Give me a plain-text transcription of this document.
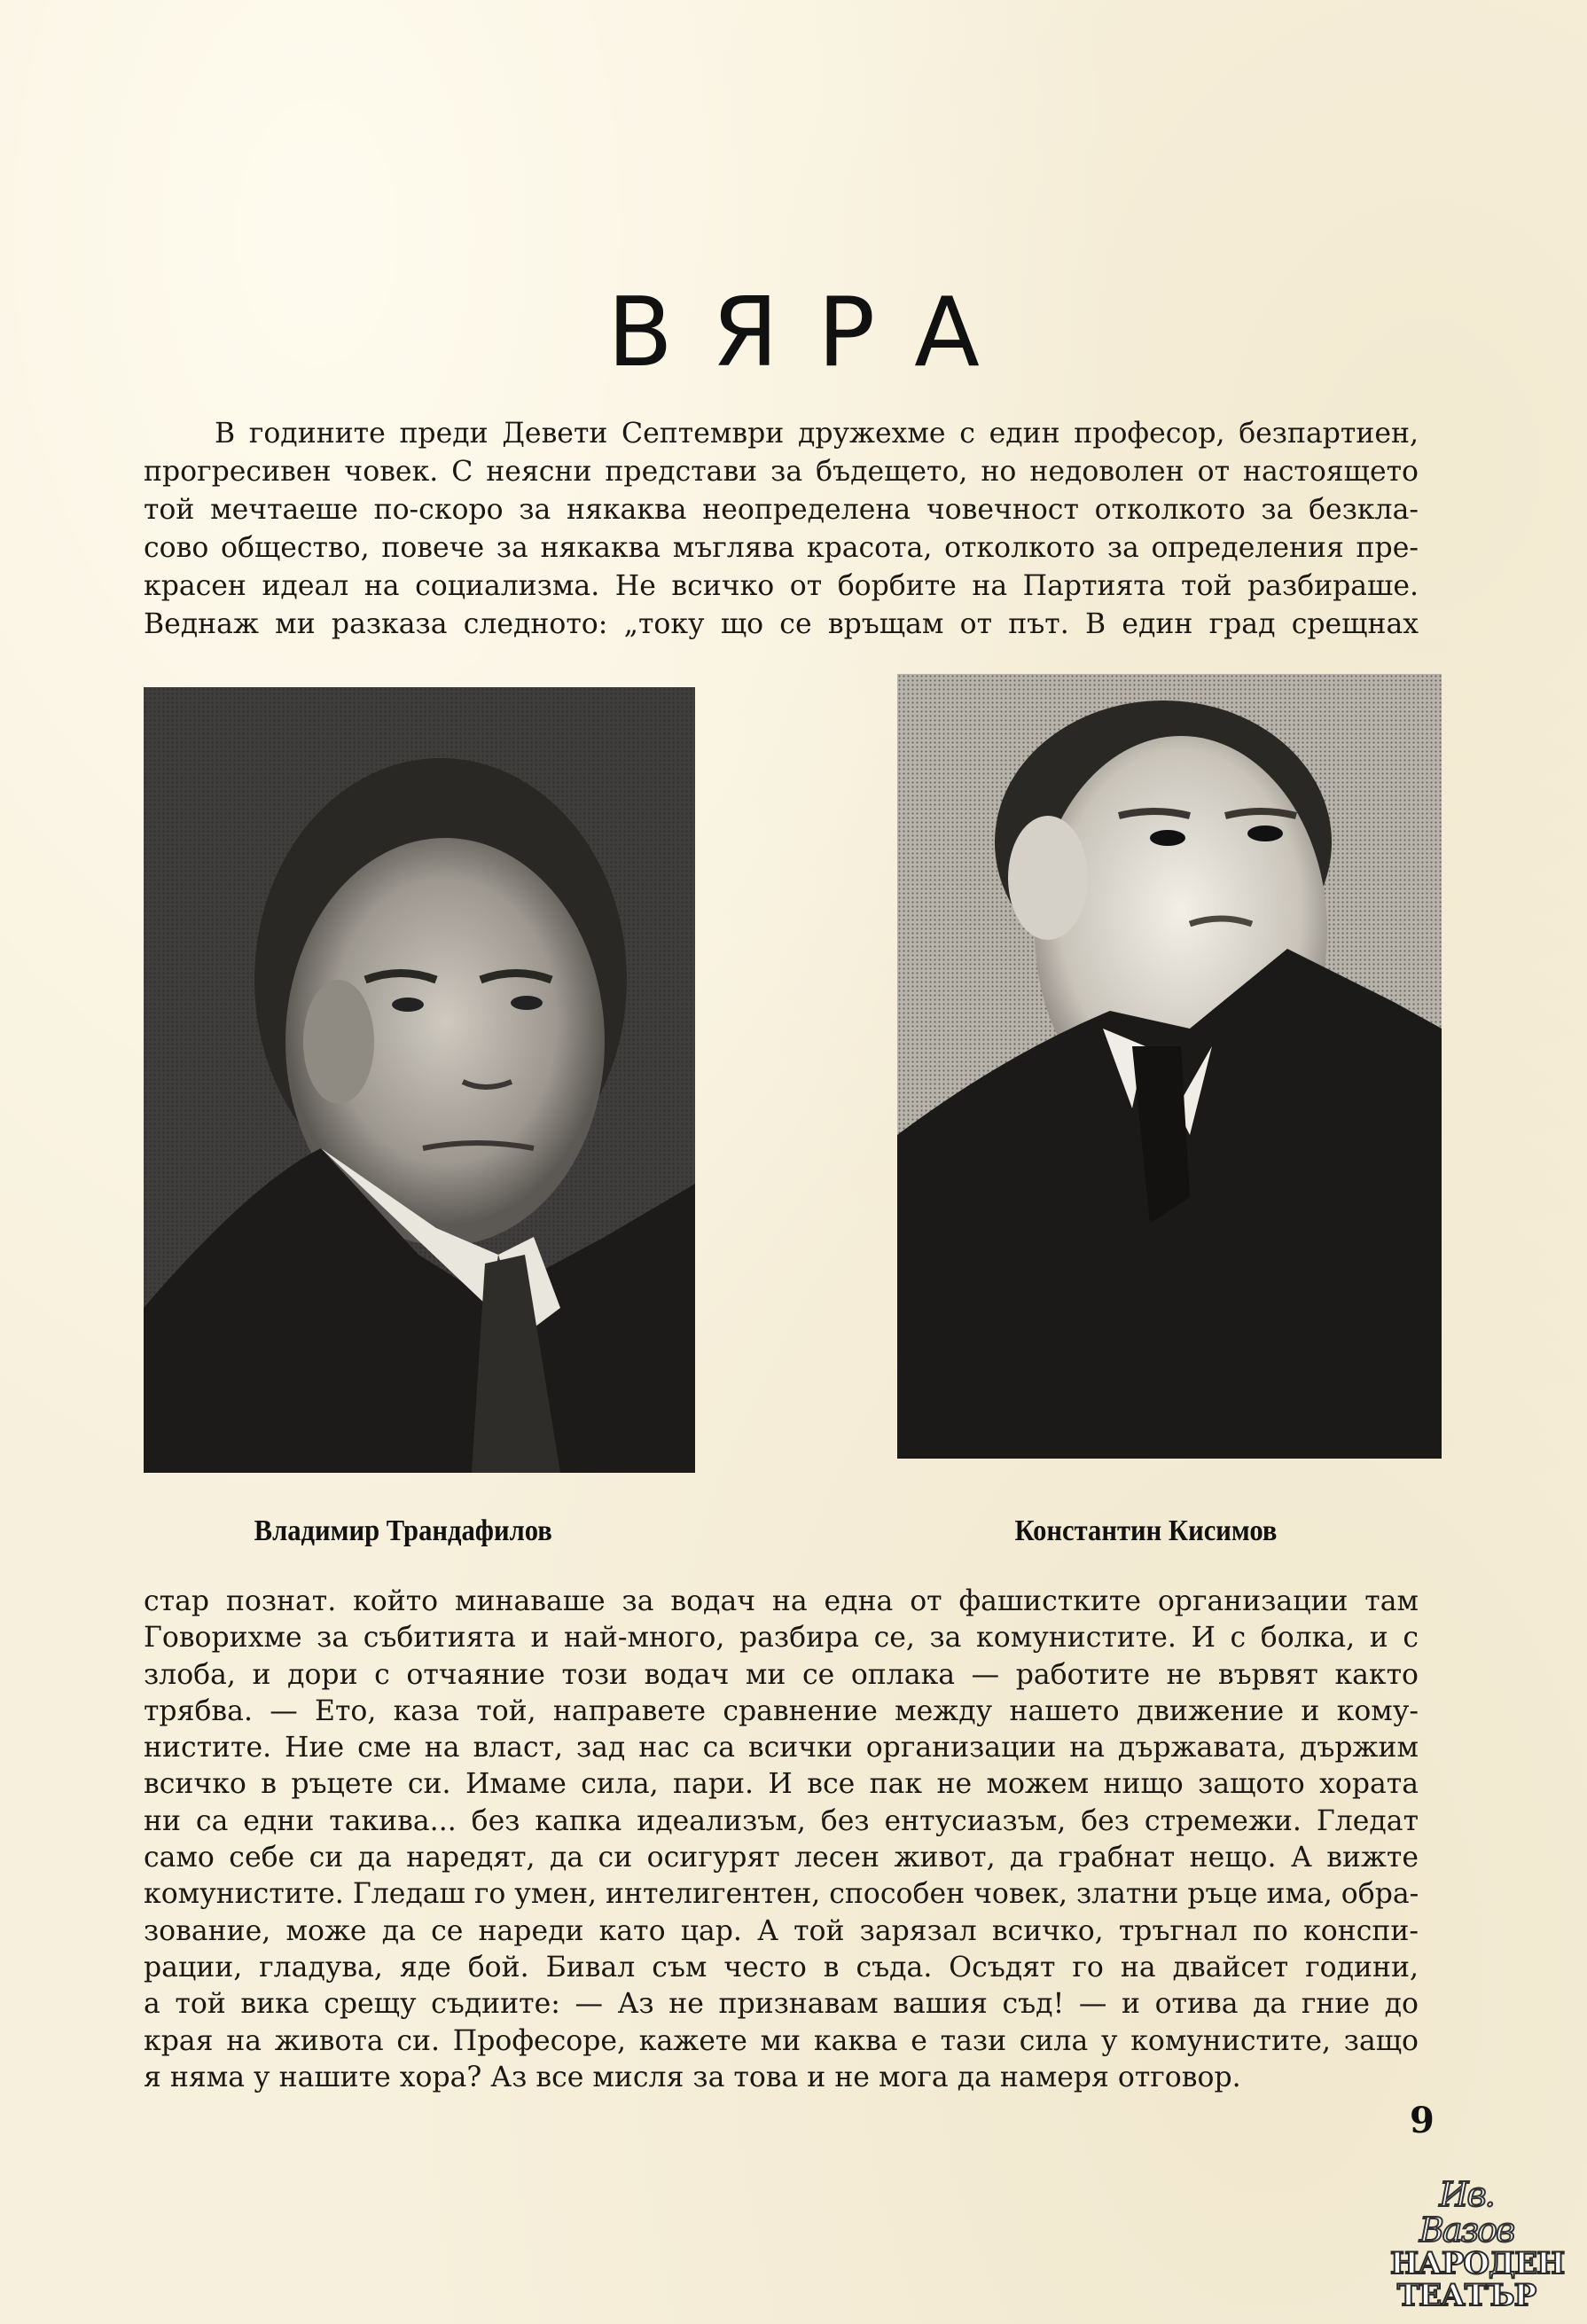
ВЯРА
В годините преди Девети Септември дружехме с един професор, безпартиен,
прогресивен човек. С неясни представи за бъдещето, но недоволен от настоящето
той мечтаеше по-скоро за някаква неопределена човечност отколкото за безкла-
сово общество, повече за някаква мъглява красота, отколкото за определения пре-
красен идеал на социализма. Не всичко от борбите на Партията той разбираше.
Веднаж ми разказа следното: „току що се връщам от път. В един град срещнах
Владимир Трандафилов	Константин Кисимов
стар познат. който минаваше за водач на една от фашистките организации там
Говорихме за събитията и най-много, разбира се, за комунистите. И с болка, и с
злоба, и дори с отчаяние този водач ми се оплака — работите не вървят както
трябва. — Ето, каза той, направете сравнение между нашето движение и кому-
нистите. Ние сме на власт, зад нас са всички организации на държавата, държим
всичко в ръцете си. Имаме сила, пари. И все пак не можем нищо защото хората
ни са едни такива... без капка идеализъм, без ентусиазъм, без стремежи. Гледат
само себе си да наредят, да си осигурят лесен живот, да грабнат нещо. А вижте
комунистите. Гледаш го умен, интелигентен, способен човек, златни ръце има, обра-
зование, може да се нареди като цар. А той зарязал всичко, тръгнал по конспи-
рации, гладува, яде бой. Бивал съм често в съда. Осъдят го на двайсет години,
а той вика срещу съдиите: — Аз не признавам вашия съд! — и отива да гние до
края на живота си. Професоре, кажете ми каква е тази сила у комунистите, защо
я няма у нашите хора? Аз все мисля за това и не мога да намеря отговор.
9
Ив. Вазов
НАРОДЕН
ТЕАТЪР
